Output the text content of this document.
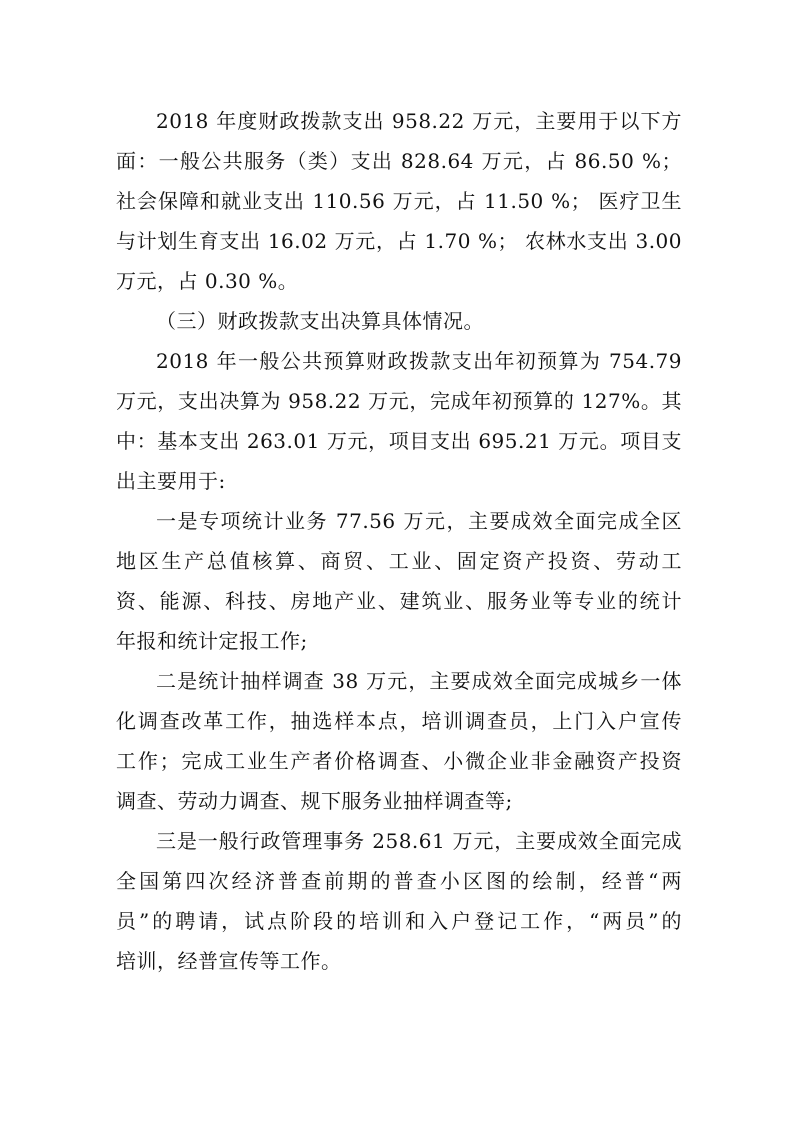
2018 年度财政拨款支出 958.22 万元，主要用于以下方
面：一般公共服务（类）支出 828.64 万元，占 86.50 %；
社会保障和就业支出 110.56 万元，占 11.50 %； 医疗卫生
与计划生育支出 16.02 万元，占 1.70 %； 农林水支出 3.00
万元，占 0.30 %。
（三）财政拨款支出决算具体情况。
2018 年一般公共预算财政拨款支出年初预算为 754.79
万元，支出决算为 958.22 万元，完成年初预算的 127%。其
中：基本支出 263.01 万元，项目支出 695.21 万元。项目支
出主要用于:
一是专项统计业务 77.56 万元，主要成效全面完成全区
地区生产总值核算、商贸、工业、固定资产投资、劳动工
资、能源、科技、房地产业、建筑业、服务业等专业的统计
年报和统计定报工作;
二是统计抽样调查 38 万元，主要成效全面完成城乡一体
化调查改革工作，抽选样本点，培训调查员，上门入户宣传
工作；完成工业生产者价格调查、小微企业非金融资产投资
调查、劳动力调查、规下服务业抽样调查等;
三是一般行政管理事务 258.61 万元，主要成效全面完成
全国第四次经济普查前期的普查小区图的绘制，经普“两
员”的聘请，试点阶段的培训和入户登记工作，“两员”的
培训，经普宣传等工作。
